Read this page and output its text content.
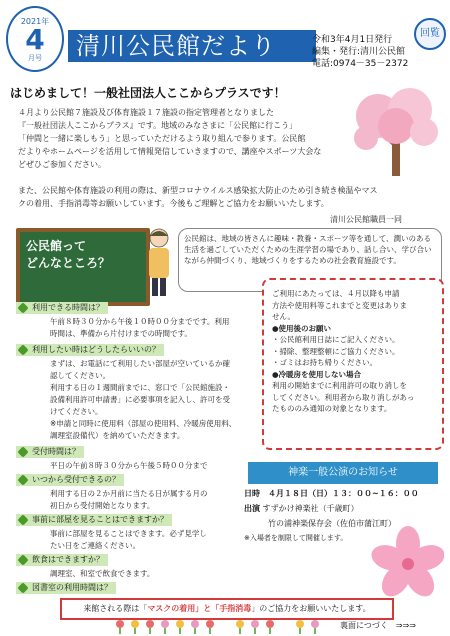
2021年
4
月号	清川公民館だより	令和3年4月1日発行
編集・発行:清川公民館
電話:0974－35－2372
回覧
はじめまして！一般社団法人ここからプラスです！
４月より公民館７施設及び体育施設１７施設の指定管理者となりました
『一般社団法人ここからプラス』です。地域のみなさまに「公民館に行こう」
「仲間と一緒に楽しもう」と思っていただけるよう取り組んで参ります。公民館
だよりやホームページを活用して情報発信していきますので、講座やスポーツ大会な
どぜひご参加ください。
また、公民館や体育施設の利用の際は、新型コロナウイルス感染拡大防止のため引き続き検温やマス
クの着用、手指消毒等お願いしています。今後もご理解とご協力をお願いいたします。
清川公民館職員一同
公民館って
どんなところ？
公民館は、地域の皆さんに趣味・教養・スポーツ等を通して、潤いのある生活を過ごしていただくための生涯学習の場であり、話し合い、学び合いながら仲間づくり、地域づくりをするための社会教育施設です。
利用できる時間は？
午前８時３０分から午後１０時００分までです。利用
時間は、準備から片付けまでの時間です。
利用したい時はどうしたらいいの？
まずは、お電話にて利用したい部屋が空いているか確
認してください。
利用する日の１週間前までに、窓口で「公民館施設・
設備利用許可申請書」に必要事項を記入し、許可を受
けてください。
※申請と同時に使用料（部屋の使用料、冷暖房使用料、
調理室設備代）を納めていただきます。
受付時間は？
平日の午前８時３０分から午後５時００分まで
いつから受付できるの？
利用する日の２か月前に当たる日が属する月の
初日から受付開始となります。
事前に部屋を見ることはできますか？
事前に部屋を見ることはできます。必ず見学し
たい日をご連絡ください。
飲食はできますか？
調理室、和室で飲食できます。
図書室の利用時間は？
ご利用にあたっては、４月以降も申請
方法や使用料等これまでと変更はありま
せん。
●使用後のお願い
・公民館利用日誌にご記入ください。
・掃除、整理整頓にご協力ください。
・ゴミはお持ち帰りください。
●冷暖房を使用しない場合
利用の開始までに利用許可の取り消しを
してください。利用者から取り消しがあっ
たもののみ通知の対象となります。
神楽一般公演のお知らせ
日時　４月１８日（日）１３：００~１６：００
出演 すずかけ神楽社（千歳町）
竹の浦神楽保存会（佐伯市蒲江町）
※入場者を制限して開催します。
来館される際は「マスクの着用」と「手指消毒」のご協力をお願いいたします。
裏面につづく　⇒⇒⇒
